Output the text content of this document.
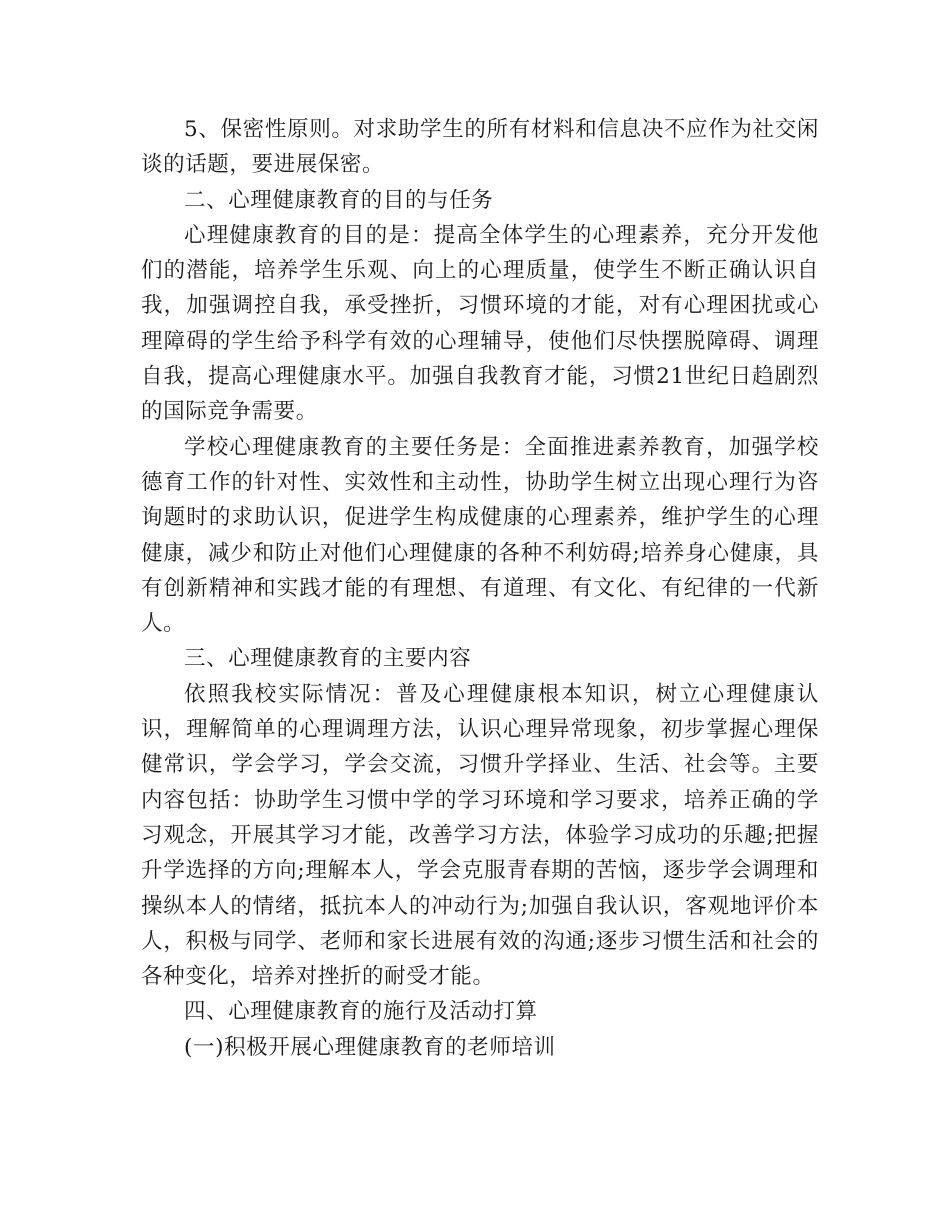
5、保密性原则。对求助学生的所有材料和信息决不应作为社交闲谈的话题，要进展保密。

二、心理健康教育的目的与任务

心理健康教育的目的是：提高全体学生的心理素养，充分开发他们的潜能，培养学生乐观、向上的心理质量，使学生不断正确认识自我，加强调控自我，承受挫折，习惯环境的才能，对有心理困扰或心理障碍的学生给予科学有效的心理辅导，使他们尽快摆脱障碍、调理自我，提高心理健康水平。加强自我教育才能，习惯21世纪日趋剧烈的国际竞争需要。

学校心理健康教育的主要任务是：全面推进素养教育，加强学校德育工作的针对性、实效性和主动性，协助学生树立出现心理行为咨询题时的求助认识，促进学生构成健康的心理素养，维护学生的心理健康，减少和防止对他们心理健康的各种不利妨碍;培养身心健康，具有创新精神和实践才能的有理想、有道理、有文化、有纪律的一代新人。

三、心理健康教育的主要内容

依照我校实际情况：普及心理健康根本知识，树立心理健康认识，理解简单的心理调理方法，认识心理异常现象，初步掌握心理保健常识，学会学习，学会交流，习惯升学择业、生活、社会等。主要内容包括：协助学生习惯中学的学习环境和学习要求，培养正确的学习观念，开展其学习才能，改善学习方法，体验学习成功的乐趣;把握升学选择的方向;理解本人，学会克服青春期的苦恼，逐步学会调理和操纵本人的情绪，抵抗本人的冲动行为;加强自我认识，客观地评价本人，积极与同学、老师和家长进展有效的沟通;逐步习惯生活和社会的各种变化，培养对挫折的耐受才能。

四、心理健康教育的施行及活动打算

(一)积极开展心理健康教育的老师培训
